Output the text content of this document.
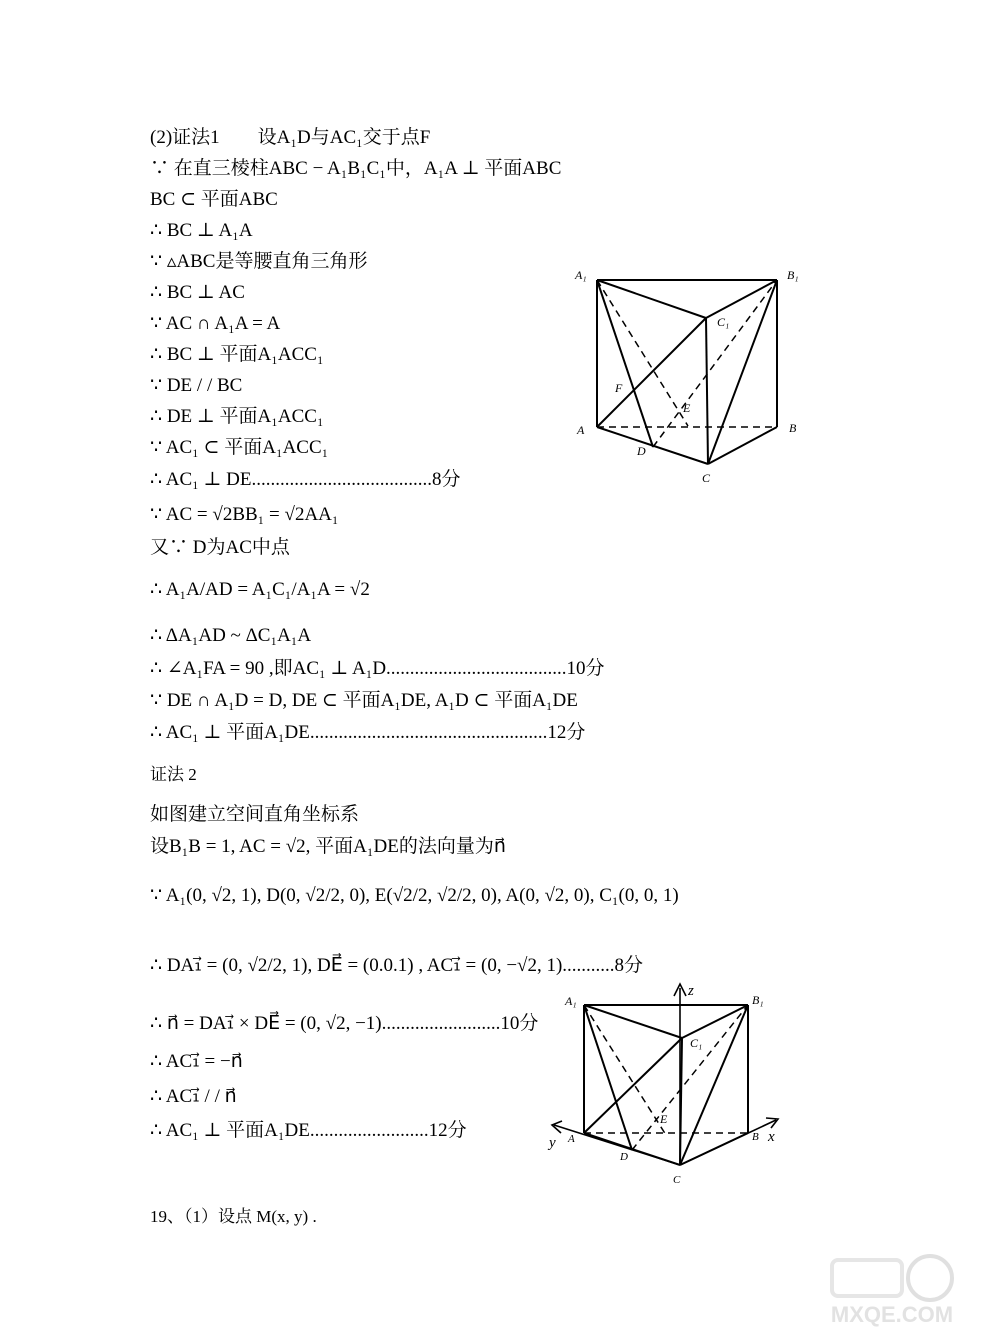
(2)证法1　　设A₁D与AC₁交于点F
∵ 在直三棱柱ABC − A₁B₁C₁中，A₁A ⊥ 平面ABC
BC ⊂ 平面ABC
∴ BC ⊥ A₁A
∵ ▵ABC是等腰直角三角形
∴ BC ⊥ AC
∵ AC ∩ A₁A = A
∴ BC ⊥ 平面A₁ACC₁
∵ DE / / BC
∴ DE ⊥ 平面A₁ACC₁
∵ AC₁ ⊂ 平面A₁ACC₁
∴ AC₁ ⊥ DE......................................8分
∵ AC = √2BB₁ = √2AA₁
又∵ D为AC中点
∴ A₁A/AD = A₁C₁/A₁A = √2
∴ ΔA₁AD ~ ΔC₁A₁A
∴ ∠A₁FA = 90 ,即AC₁ ⊥ A₁D......................................10分
∵ DE ∩ A₁D = D, DE ⊂ 平面A₁DE, A₁D ⊂ 平面A₁DE
∴ AC₁ ⊥ 平面A₁DE..................................................12分
证法 2
如图建立空间直角坐标系
设B₁B = 1, AC = √2, 平面A₁DE的法向量为n⃗
∵ A₁(0, √2, 1), D(0, √2/2, 0), E(√2/2, √2/2, 0), A(0, √2, 0), C₁(0, 0, 1)
∴ DA₁⃗ = (0, √2/2, 1), DE⃗ = (0.0.1) , AC₁⃗ = (0, −√2, 1)...........8分
∴ n⃗ = DA₁⃗ × DE⃗ = (0, √2, −1).........................10分
∴ AC₁⃗ = −n⃗
∴ AC₁⃗ / / n⃗
∴ AC₁ ⊥ 平面A₁DE.........................12分
19、（1）设点 M(x, y) .
A₁	B₁
C₁
A	B
C
D
E
F
A₁	B₁
C₁
A	B
C
D
E
z
x
y
MXQE.COM
